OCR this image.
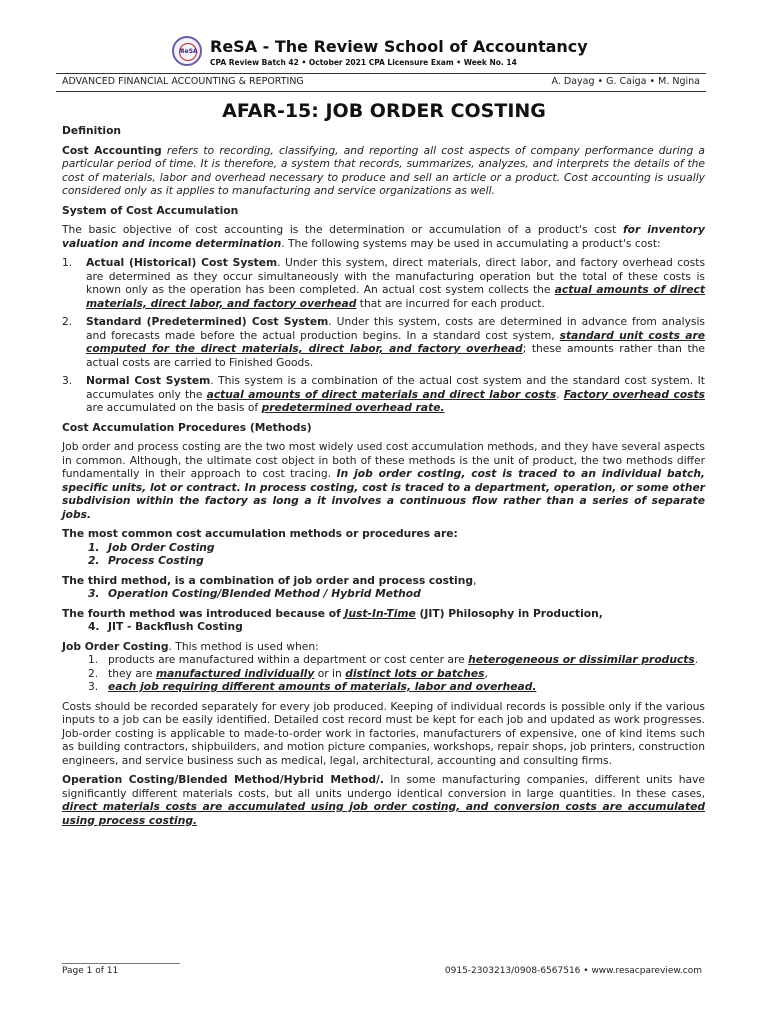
ReSA ReSA - The Review School of Accountancy
CPA Review Batch 42 • October 2021 CPA Licensure Exam • Week No. 14
ADVANCED FINANCIAL ACCOUNTING & REPORTING	A. Dayag • G. Caiga • M. Ngina
AFAR-15: JOB ORDER COSTING
Definition

Cost Accounting refers to recording, classifying, and reporting all cost aspects of company performance during a particular period of time. It is therefore, a system that records, summarizes, analyzes, and interprets the details of the cost of materials, labor and overhead necessary to produce and sell an article or a product. Cost accounting is usually considered only as it applies to manufacturing and service organizations as well.

System of Cost Accumulation

The basic objective of cost accounting is the determination or accumulation of a product's cost for inventory valuation and income determination. The following systems may be used in accumulating a product's cost:

1. Actual (Historical) Cost System. Under this system, direct materials, direct labor, and factory overhead costs are determined as they occur simultaneously with the manufacturing operation but the total of these costs is known only as the operation has been completed. An actual cost system collects the actual amounts of direct materials, direct labor, and factory overhead that are incurred for each product.
2. Standard (Predetermined) Cost System. Under this system, costs are determined in advance from analysis and forecasts made before the actual production begins. In a standard cost system, standard unit costs are computed for the direct materials, direct labor, and factory overhead; these amounts rather than the actual costs are carried to Finished Goods.
3. Normal Cost System. This system is a combination of the actual cost system and the standard cost system. It accumulates only the actual amounts of direct materials and direct labor costs. Factory overhead costs are accumulated on the basis of predetermined overhead rate.
Cost Accumulation Procedures (Methods)

Job order and process costing are the two most widely used cost accumulation methods, and they have several aspects in common. Although, the ultimate cost object in both of these methods is the unit of product, the two methods differ fundamentally in their approach to cost tracing. In job order costing, cost is traced to an individual batch, specific units, lot or contract. In process costing, cost is traced to a department, operation, or some other subdivision within the factory as long a it involves a continuous flow rather than a series of separate jobs.

The most common cost accumulation methods or procedures are:
1. Job Order Costing
2. Process Costing
The third method, is a combination of job order and process costing,
3. Operation Costing/Blended Method / Hybrid Method
The fourth method was introduced because of Just-In-Time (JIT) Philosophy in Production,
4. JIT - Backflush Costing
Job Order Costing. This method is used when:
1. products are manufactured within a department or cost center are heterogeneous or dissimilar products.
2. they are manufactured individually or in distinct lots or batches,
3. each job requiring different amounts of materials, labor and overhead.

Costs should be recorded separately for every job produced. Keeping of individual records is possible only if the various inputs to a job can be easily identified. Detailed cost record must be kept for each job and updated as work progresses. Job-order costing is applicable to made-to-order work in factories, manufacturers of expensive, one of kind items such as building contractors, shipbuilders, and motion picture companies, workshops, repair shops, job printers, construction engineers, and service business such as medical, legal, architectural, accounting and consulting firms.

Operation Costing/Blended Method/Hybrid Method/. In some manufacturing companies, different units have significantly different materials costs, but all units undergo identical conversion in large quantities. In these cases, direct materials costs are accumulated using job order costing, and conversion costs are accumulated using process costing.

Page 1 of 11	0915-2303213/0908-6567516 • www.resacpareview.com
